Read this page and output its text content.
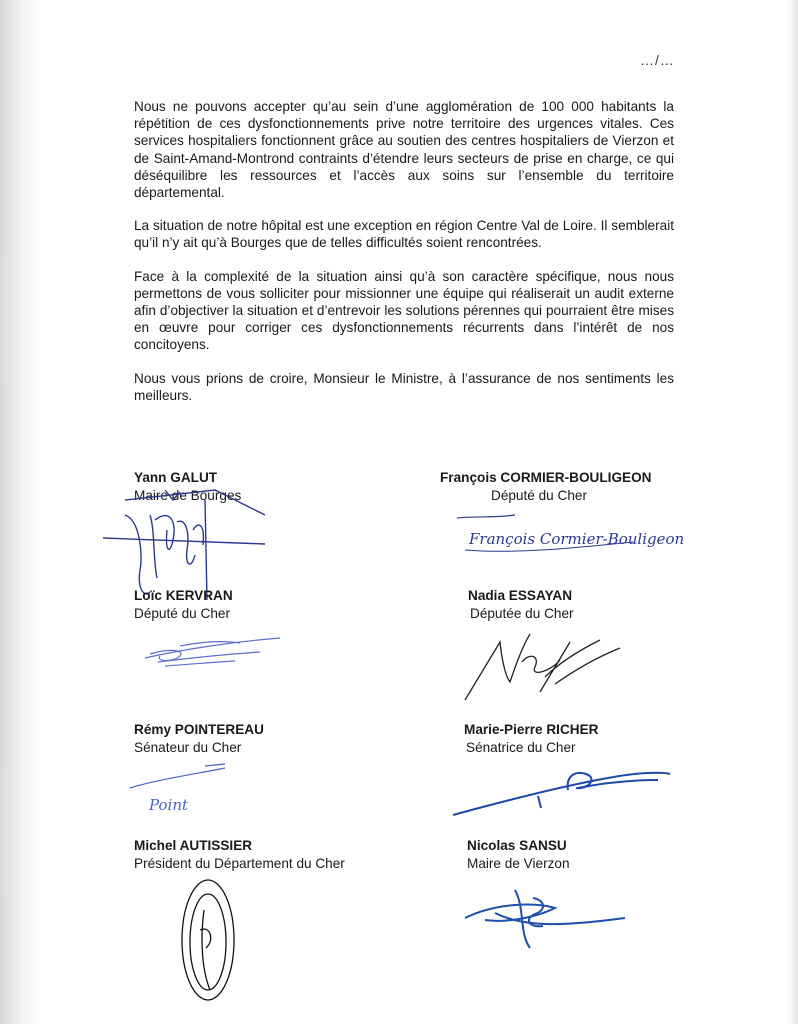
…/…

Nous ne pouvons accepter qu’au sein d’une agglomération de 100 000 habitants la répétition de ces dysfonctionnements prive notre territoire des urgences vitales. Ces services hospitaliers fonctionnent grâce au soutien des centres hospitaliers de Vierzon et de Saint-Amand-Montrond contraints d’étendre leurs secteurs de prise en charge, ce qui déséquilibre les ressources et l’accès aux soins sur l’ensemble du territoire départemental.

La situation de notre hôpital est une exception en région Centre Val de Loire. Il semblerait qu’il n’y ait qu’à Bourges que de telles difficultés soient rencontrées.

Face à la complexité de la situation ainsi qu’à son caractère spécifique, nous nous permettons de vous solliciter pour missionner une équipe qui réaliserait un audit externe afin d’objectiver la situation et d’entrevoir les solutions pérennes qui pourraient être mises en œuvre pour corriger ces dysfonctionnements récurrents dans l’intérêt de nos concitoyens.

Nous vous prions de croire, Monsieur le Ministre, à l’assurance de nos sentiments les meilleurs.

Yann GALUT
Maire de Bourges
François CORMIER-BOULIGEON
Député du Cher
François Cormier-Bouligeon
Loïc KERVRAN
Député du Cher
Nadia ESSAYAN
Députée du Cher
Rémy POINTEREAU
Sénateur du Cher
Point
Marie-Pierre RICHER
Sénatrice du Cher
Michel AUTISSIER
Président du Département du Cher
Nicolas SANSU
Maire de Vierzon
